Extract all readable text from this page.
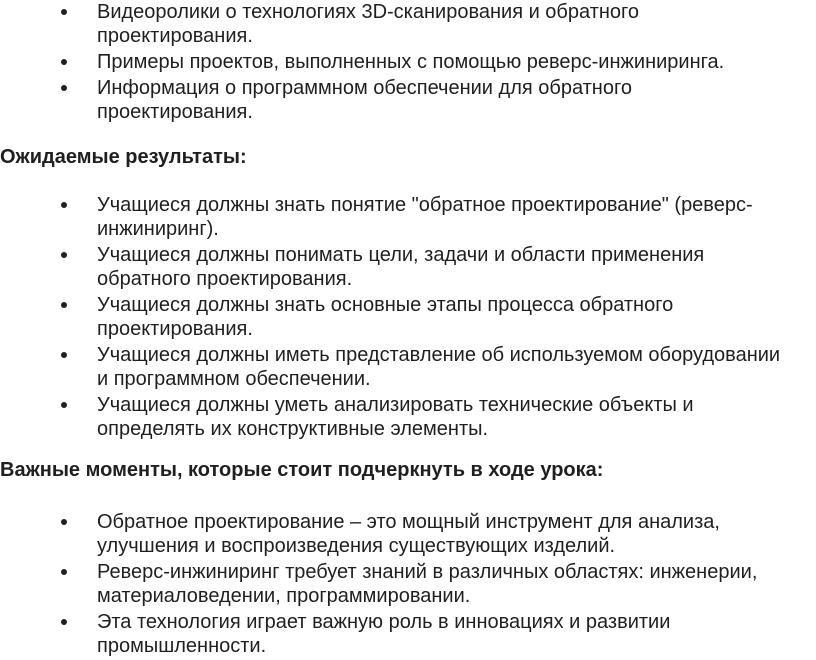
Видеоролики о технологиях 3D-сканирования и обратного
проектирования.
Примеры проектов, выполненных с помощью реверс-инжиниринга.
Информация о программном обеспечении для обратного
проектирования.
Ожидаемые результаты:
Учащиеся должны знать понятие "обратное проектирование" (реверс-
инжиниринг).
Учащиеся должны понимать цели, задачи и области применения
обратного проектирования.
Учащиеся должны знать основные этапы процесса обратного
проектирования.
Учащиеся должны иметь представление об используемом оборудовании
и программном обеспечении.
Учащиеся должны уметь анализировать технические объекты и
определять их конструктивные элементы.
Важные моменты, которые стоит подчеркнуть в ходе урока:
Обратное проектирование – это мощный инструмент для анализа,
улучшения и воспроизведения существующих изделий.
Реверс-инжиниринг требует знаний в различных областях: инженерии,
материаловедении, программировании.
Эта технология играет важную роль в инновациях и развитии
промышленности.
